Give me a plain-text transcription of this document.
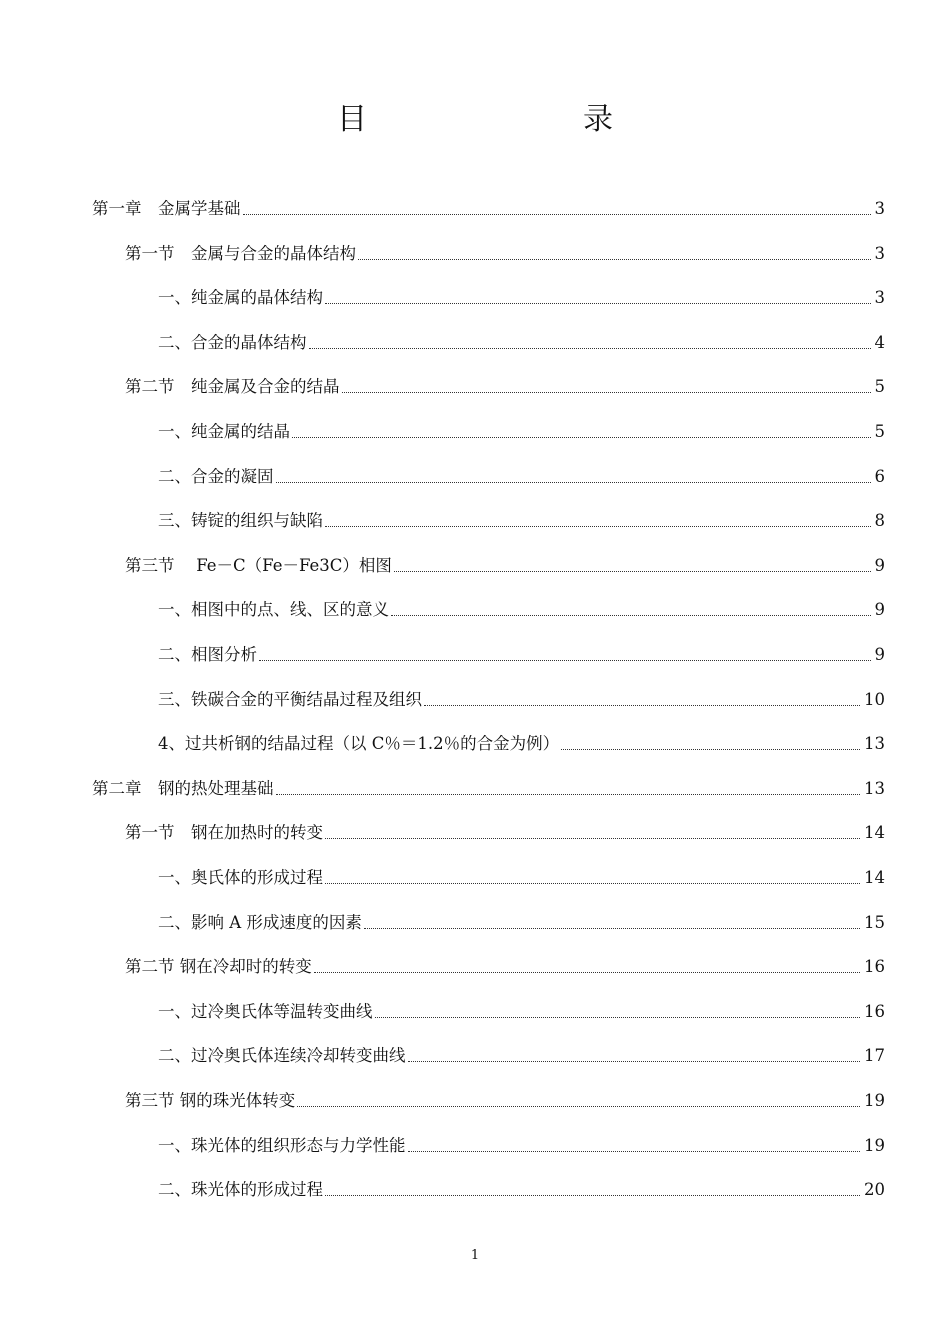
目　　录
第一章　金属学基础	3
第一节　金属与合金的晶体结构	3
一、纯金属的晶体结构	3
二、合金的晶体结构	4
第二节　纯金属及合金的结晶	5
一、纯金属的结晶	5
二、合金的凝固	6
三、铸锭的组织与缺陷	8
第三节　 Fe－C（Fe－Fe3C）相图	9
一、相图中的点、线、区的意义	9
二、相图分析	9
三、铁碳合金的平衡结晶过程及组织	10
4、过共析钢的结晶过程（以 C％＝1.2％的合金为例）	13
第二章　钢的热处理基础	13
第一节　钢在加热时的转变	14
一、奥氏体的形成过程	14
二、影响 A 形成速度的因素	15
第二节 钢在冷却时的转变	16
一、过冷奥氏体等温转变曲线	16
二、过冷奥氏体连续冷却转变曲线	17
第三节 钢的珠光体转变	19
一、珠光体的组织形态与力学性能	19
二、珠光体的形成过程	20
1
